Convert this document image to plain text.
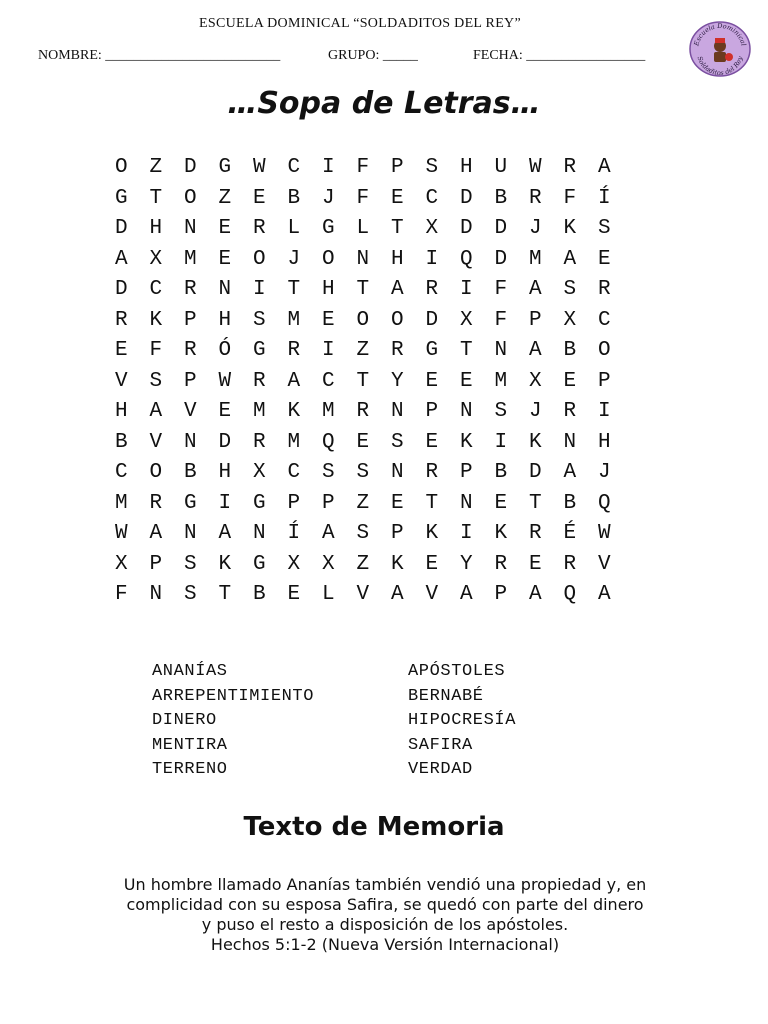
ESCUELA DOMINICAL “SOLDADITOS DEL REY”
NOMBRE: _________________________	GRUPO: _____	FECHA: _________________
Escuela Dominical
Soldaditos del Rey
…Sopa de Letras…
O	Z	D	G	W	C	I	F	P	S	H	U	W	R	A
G	T	O	Z	E	B	J	F	E	C	D	B	R	F	Í
D	H	N	E	R	L	G	L	T	X	D	D	J	K	S
A	X	M	E	O	J	O	N	H	I	Q	D	M	A	E
D	C	R	N	I	T	H	T	A	R	I	F	A	S	R
R	K	P	H	S	M	E	O	O	D	X	F	P	X	C
E	F	R	Ó	G	R	I	Z	R	G	T	N	A	B	O
V	S	P	W	R	A	C	T	Y	E	E	M	X	E	P
H	A	V	E	M	K	M	R	N	P	N	S	J	R	I
B	V	N	D	R	M	Q	E	S	E	K	I	K	N	H
C	O	B	H	X	C	S	S	N	R	P	B	D	A	J
M	R	G	I	G	P	P	Z	E	T	N	E	T	B	Q
W	A	N	A	N	Í	A	S	P	K	I	K	R	É	W
X	P	S	K	G	X	X	Z	K	E	Y	R	E	R	V
F	N	S	T	B	E	L	V	A	V	A	P	A	Q	A
ANANÍAS	APÓSTOLES
ARREPENTIMIENTO	BERNABÉ
DINERO	HIPOCRESÍA
MENTIRA	SAFIRA
TERRENO	VERDAD
Texto de Memoria
Un hombre llamado Ananías también vendió una propiedad y, en
complicidad con su esposa Safira, se quedó con parte del dinero
y puso el resto a disposición de los apóstoles.
Hechos 5:1-2 (Nueva Versión Internacional)
